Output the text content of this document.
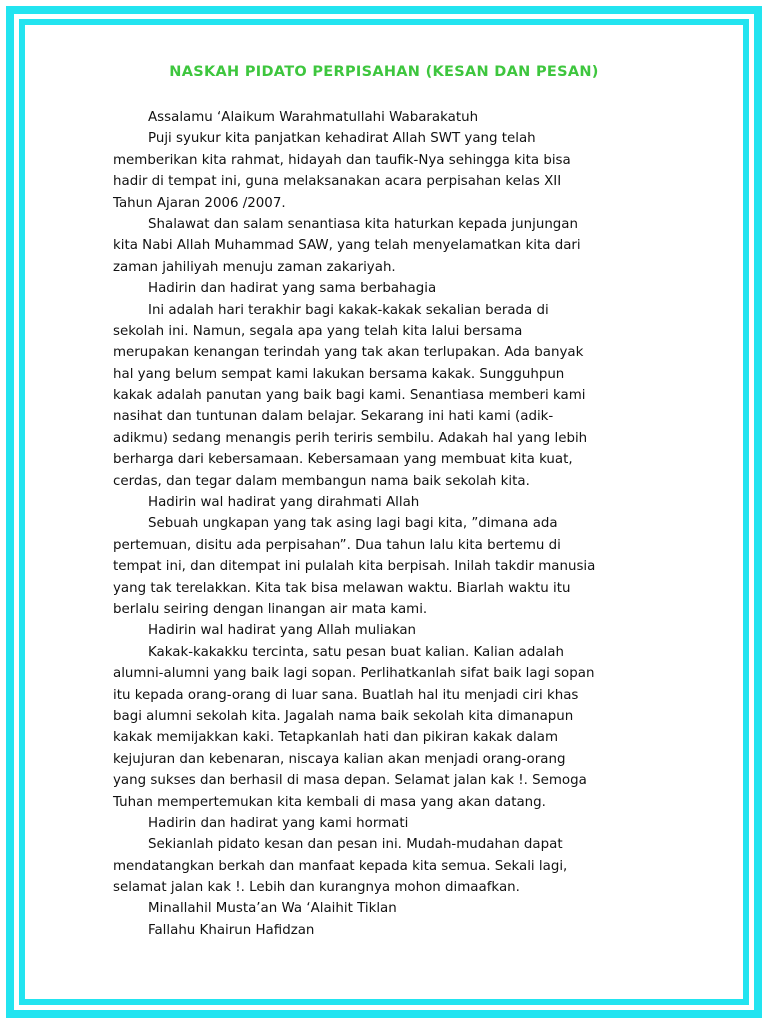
NASKAH PIDATO PERPISAHAN (KESAN DAN PESAN)
Assalamu ‘Alaikum Warahmatullahi Wabarakatuh
Puji syukur kita panjatkan kehadirat Allah SWT yang telah
memberikan kita rahmat, hidayah dan taufik-Nya sehingga kita bisa
hadir di tempat ini, guna melaksanakan acara perpisahan kelas XII
Tahun Ajaran 2006 /2007.
Shalawat dan salam senantiasa kita haturkan kepada junjungan
kita Nabi Allah Muhammad SAW, yang telah menyelamatkan kita dari
zaman jahiliyah menuju zaman zakariyah.
Hadirin dan hadirat yang sama berbahagia
Ini adalah hari terakhir bagi kakak-kakak sekalian berada di
sekolah ini. Namun, segala apa yang telah kita lalui bersama
merupakan kenangan terindah yang tak akan terlupakan. Ada banyak
hal yang belum sempat kami lakukan bersama kakak. Sungguhpun
kakak adalah panutan yang baik bagi kami. Senantiasa memberi kami
nasihat dan tuntunan dalam belajar. Sekarang ini hati kami (adik-
adikmu) sedang menangis perih teriris sembilu. Adakah hal yang lebih
berharga dari kebersamaan. Kebersamaan yang membuat kita kuat,
cerdas, dan tegar dalam membangun nama baik sekolah kita.
Hadirin wal hadirat yang dirahmati Allah
Sebuah ungkapan yang tak asing lagi bagi kita, ”dimana ada
pertemuan, disitu ada perpisahan”. Dua tahun lalu kita bertemu di
tempat ini, dan ditempat ini pulalah kita berpisah. Inilah takdir manusia
yang tak terelakkan. Kita tak bisa melawan waktu. Biarlah waktu itu
berlalu seiring dengan linangan air mata kami.
Hadirin wal hadirat yang Allah muliakan
Kakak-kakakku tercinta, satu pesan buat kalian. Kalian adalah
alumni-alumni yang baik lagi sopan. Perlihatkanlah sifat baik lagi sopan
itu kepada orang-orang di luar sana. Buatlah hal itu menjadi ciri khas
bagi alumni sekolah kita. Jagalah nama baik sekolah kita dimanapun
kakak memijakkan kaki. Tetapkanlah hati dan pikiran kakak dalam
kejujuran dan kebenaran, niscaya kalian akan menjadi orang-orang
yang sukses dan berhasil di masa depan. Selamat jalan kak !. Semoga
Tuhan mempertemukan kita kembali di masa yang akan datang.
Hadirin dan hadirat yang kami hormati
Sekianlah pidato kesan dan pesan ini. Mudah-mudahan dapat
mendatangkan berkah dan manfaat kepada kita semua. Sekali lagi,
selamat jalan kak !. Lebih dan kurangnya mohon dimaafkan.
Minallahil Musta’an Wa ‘Alaihit Tiklan
Fallahu Khairun Hafidzan
